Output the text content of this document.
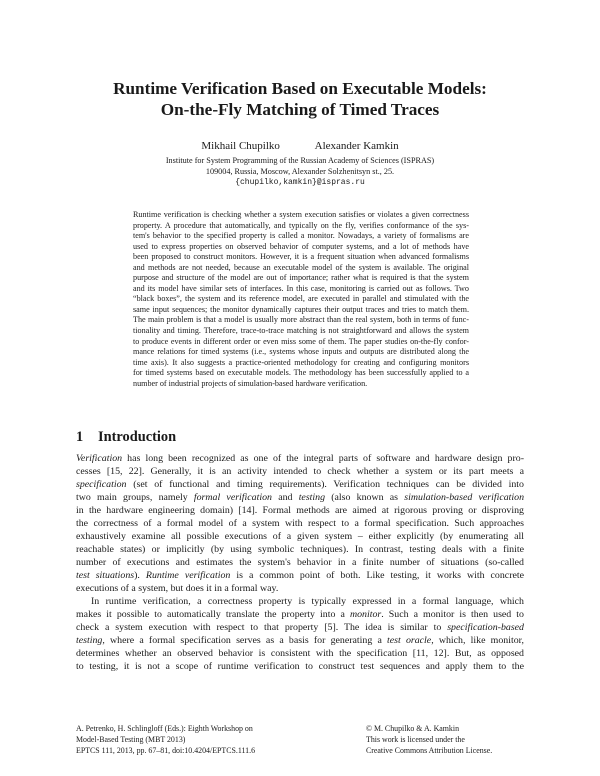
Runtime Verification Based on Executable Models:
On-the-Fly Matching of Timed Traces
Mikhail Chupilko	Alexander Kamkin
Institute for System Programming of the Russian Academy of Sciences (ISPRAS)
109004, Russia, Moscow, Alexander Solzhenitsyn st., 25.
{chupilko,kamkin}@ispras.ru
Runtime verification is checking whether a system execution satisfies or violates a given correctness
property. A procedure that automatically, and typically on the fly, verifies conformance of the sys-
tem's behavior to the specified property is called a monitor. Nowadays, a variety of formalisms are
used to express properties on observed behavior of computer systems, and a lot of methods have
been proposed to construct monitors. However, it is a frequent situation when advanced formalisms
and methods are not needed, because an executable model of the system is available. The original
purpose and structure of the model are out of importance; rather what is required is that the system
and its model have similar sets of interfaces. In this case, monitoring is carried out as follows. Two
“black boxes”, the system and its reference model, are executed in parallel and stimulated with the
same input sequences; the monitor dynamically captures their output traces and tries to match them.
The main problem is that a model is usually more abstract than the real system, both in terms of func-
tionality and timing. Therefore, trace-to-trace matching is not straightforward and allows the system
to produce events in different order or even miss some of them. The paper studies on-the-fly confor-
mance relations for timed systems (i.e., systems whose inputs and outputs are distributed along the
time axis). It also suggests a practice-oriented methodology for creating and configuring monitors
for timed systems based on executable models. The methodology has been successfully applied to a
number of industrial projects of simulation-based hardware verification.
1 Introduction
Verification has long been recognized as one of the integral parts of software and hardware design pro-
cesses [15, 22]. Generally, it is an activity intended to check whether a system or its part meets a
specification (set of functional and timing requirements). Verification techniques can be divided into
two main groups, namely formal verification and testing (also known as simulation-based verification
in the hardware engineering domain) [14]. Formal methods are aimed at rigorous proving or disproving
the correctness of a formal model of a system with respect to a formal specification. Such approaches
exhaustively examine all possible executions of a given system – either explicitly (by enumerating all
reachable states) or implicitly (by using symbolic techniques). In contrast, testing deals with a finite
number of executions and estimates the system's behavior in a finite number of situations (so-called
test situations). Runtime verification is a common point of both. Like testing, it works with concrete
executions of a system, but does it in a formal way.
In runtime verification, a correctness property is typically expressed in a formal language, which
makes it possible to automatically translate the property into a monitor. Such a monitor is then used to
check a system execution with respect to that property [5]. The idea is similar to specification-based
testing, where a formal specification serves as a basis for generating a test oracle, which, like monitor,
determines whether an observed behavior is consistent with the specification [11, 12]. But, as opposed
to testing, it is not a scope of runtime verification to construct test sequences and apply them to the
A. Petrenko, H. Schlingloff (Eds.): Eighth Workshop on
Model-Based Testing (MBT 2013)
EPTCS 111, 2013, pp. 67–81, doi:10.4204/EPTCS.111.6
© M. Chupilko & A. Kamkin
This work is licensed under the
Creative Commons Attribution License.
